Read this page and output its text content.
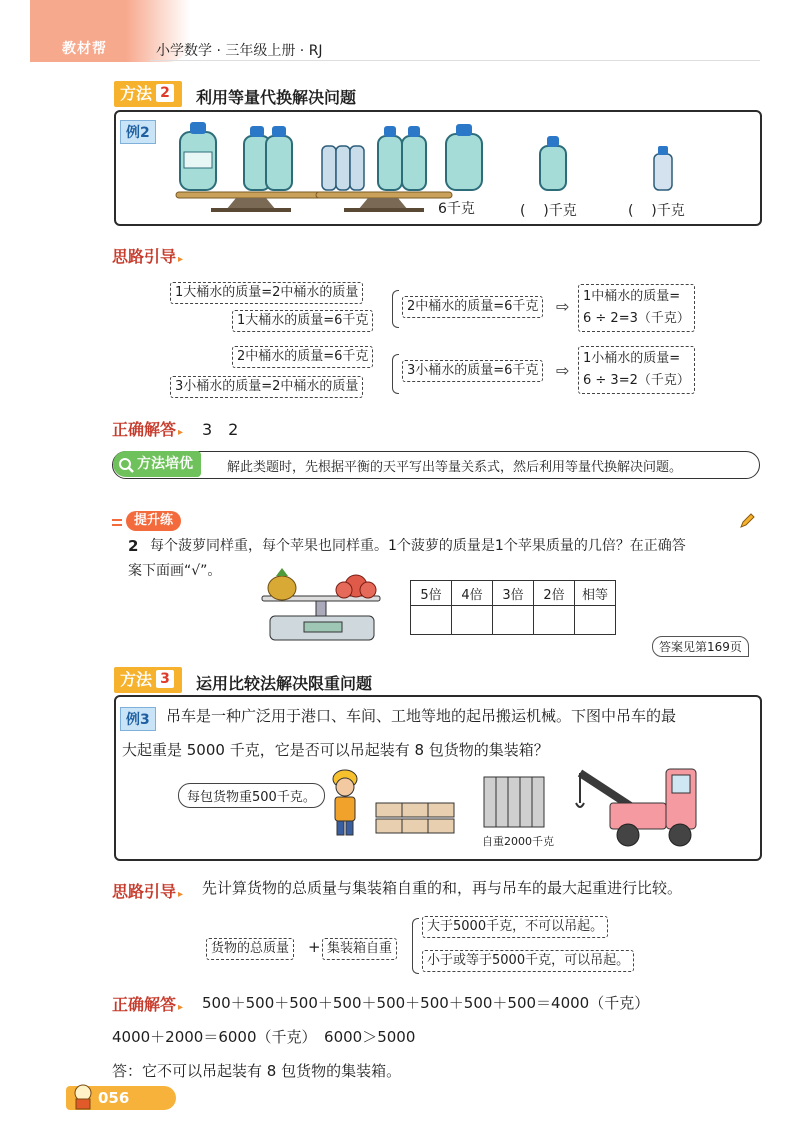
教材帮	小学数学 · 三年级上册 · RJ
方法 2	利用等量代换解决问题
例2
6千克	(    )千克	(    )千克
思路引导 ▸
1大桶水的质量=2中桶水的质量
1大桶水的质量=6千克
2中桶水的质量=6千克	⇨
1中桶水的质量=
6 ÷ 2=3（千克）
2中桶水的质量=6千克
3小桶水的质量=2中桶水的质量
3小桶水的质量=6千克	⇨
1小桶水的质量=
6 ÷ 3=2（千克）
正确解答 ▸ 3　2
方法培优	解此类题时，先根据平衡的天平写出等量关系式，然后利用等量代换解决问题。
提升练
2 每个菠萝同样重，每个苹果也同样重。1个菠萝的质量是1个苹果质量的几倍？在正确答
案下面画“√”。
5倍	4倍	3倍	2倍	相等

答案见第169页
方法 3	运用比较法解决限重问题
例3	吊车是一种广泛用于港口、车间、工地等地的起吊搬运机械。下图中吊车的最
大起重是 5000 千克，它是否可以吊起装有 8 包货物的集装箱？
每包货物重500千克。
自重2000千克
思路引导 ▸ 先计算货物的总质量与集装箱自重的和，再与吊车的最大起重进行比较。
货物的总质量	+ 集装箱自重
大于5000千克，不可以吊起。
小于或等于5000千克，可以吊起。
正确解答 ▸ 500＋500＋500＋500＋500＋500＋500＋500＝4000（千克）
4000＋2000＝6000（千克）　6000＞5000
答：它不可以吊起装有 8 包货物的集装箱。
056
